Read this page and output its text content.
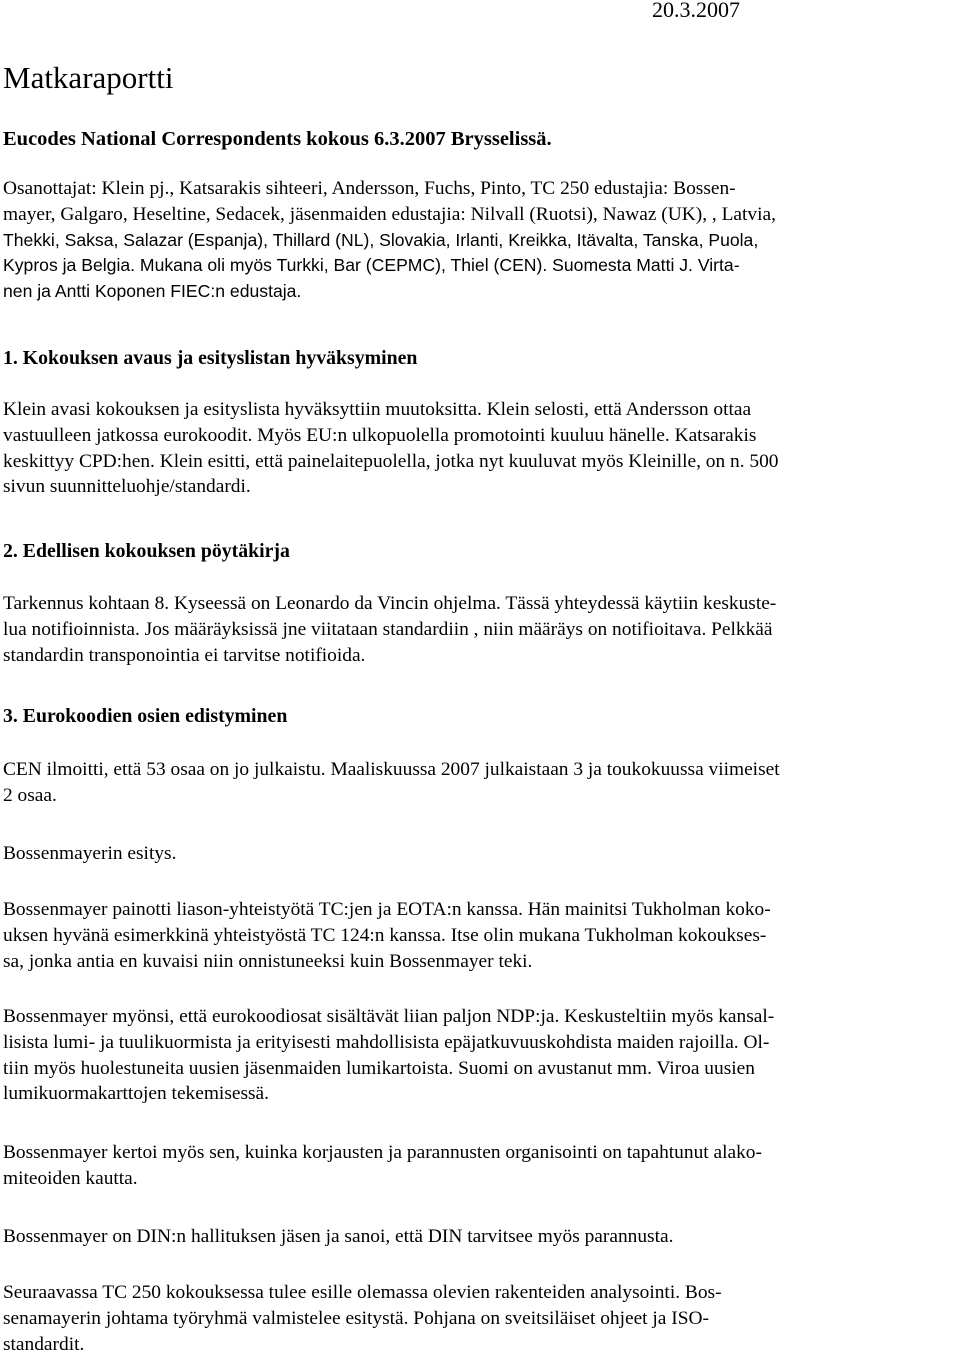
20.3.2007
Matkaraportti
Eucodes National Correspondents kokous 6.3.2007 Brysselissä.
Osanottajat: Klein pj., Katsarakis sihteeri, Andersson, Fuchs, Pinto, TC 250 edustajia: Bossen-
mayer, Galgaro, Heseltine, Sedacek, jäsenmaiden edustajia: Nilvall (Ruotsi), Nawaz (UK), , Latvia,
Thekki, Saksa, Salazar (Espanja), Thillard (NL), Slovakia, Irlanti, Kreikka, Itävalta, Tanska, Puola,
Kypros ja Belgia. Mukana oli myös Turkki, Bar (CEPMC), Thiel (CEN). Suomesta Matti J. Virta-
nen ja Antti Koponen FIEC:n edustaja.
1. Kokouksen avaus ja esityslistan hyväksyminen
Klein avasi kokouksen ja esityslista hyväksyttiin muutoksitta. Klein selosti, että Andersson ottaa
vastuulleen jatkossa eurokoodit. Myös EU:n ulkopuolella promotointi kuuluu hänelle. Katsarakis
keskittyy CPD:hen. Klein esitti, että painelaitepuolella, jotka nyt kuuluvat myös Kleinille, on n. 500
sivun suunnitteluohje/standardi.
2. Edellisen kokouksen pöytäkirja
Tarkennus kohtaan 8. Kyseessä on Leonardo da Vincin ohjelma. Tässä yhteydessä käytiin keskuste-
lua notifioinnista. Jos määräyksissä jne viitataan standardiin , niin määräys on notifioitava. Pelkkää
standardin transponointia ei tarvitse notifioida.
3. Eurokoodien osien edistyminen
CEN ilmoitti, että 53 osaa on jo julkaistu. Maaliskuussa 2007 julkaistaan 3 ja toukokuussa viimeiset
2 osaa.
Bossenmayerin esitys.
Bossenmayer painotti liason-yhteistyötä TC:jen ja EOTA:n kanssa. Hän mainitsi Tukholman koko-
uksen hyvänä esimerkkinä yhteistyöstä TC 124:n kanssa. Itse olin mukana Tukholman kokoukses-
sa, jonka antia en kuvaisi niin onnistuneeksi kuin Bossenmayer teki.
Bossenmayer myönsi, että eurokoodiosat sisältävät liian paljon NDP:ja. Keskusteltiin myös kansal-
lisista lumi- ja tuulikuormista ja erityisesti mahdollisista epäjatkuvuuskohdista maiden rajoilla. Ol-
tiin myös huolestuneita uusien jäsenmaiden lumikartoista. Suomi on avustanut mm. Viroa uusien
lumikuormakarttojen tekemisessä.
Bossenmayer kertoi myös sen, kuinka korjausten ja parannusten organisointi on tapahtunut alako-
miteoiden kautta.
Bossenmayer on DIN:n hallituksen jäsen ja sanoi, että DIN tarvitsee myös parannusta.
Seuraavassa TC 250 kokouksessa tulee esille olemassa olevien rakenteiden analysointi. Bos-
senamayerin johtama työryhmä valmistelee esitystä. Pohjana on sveitsiläiset ohjeet ja ISO-
standardit.
